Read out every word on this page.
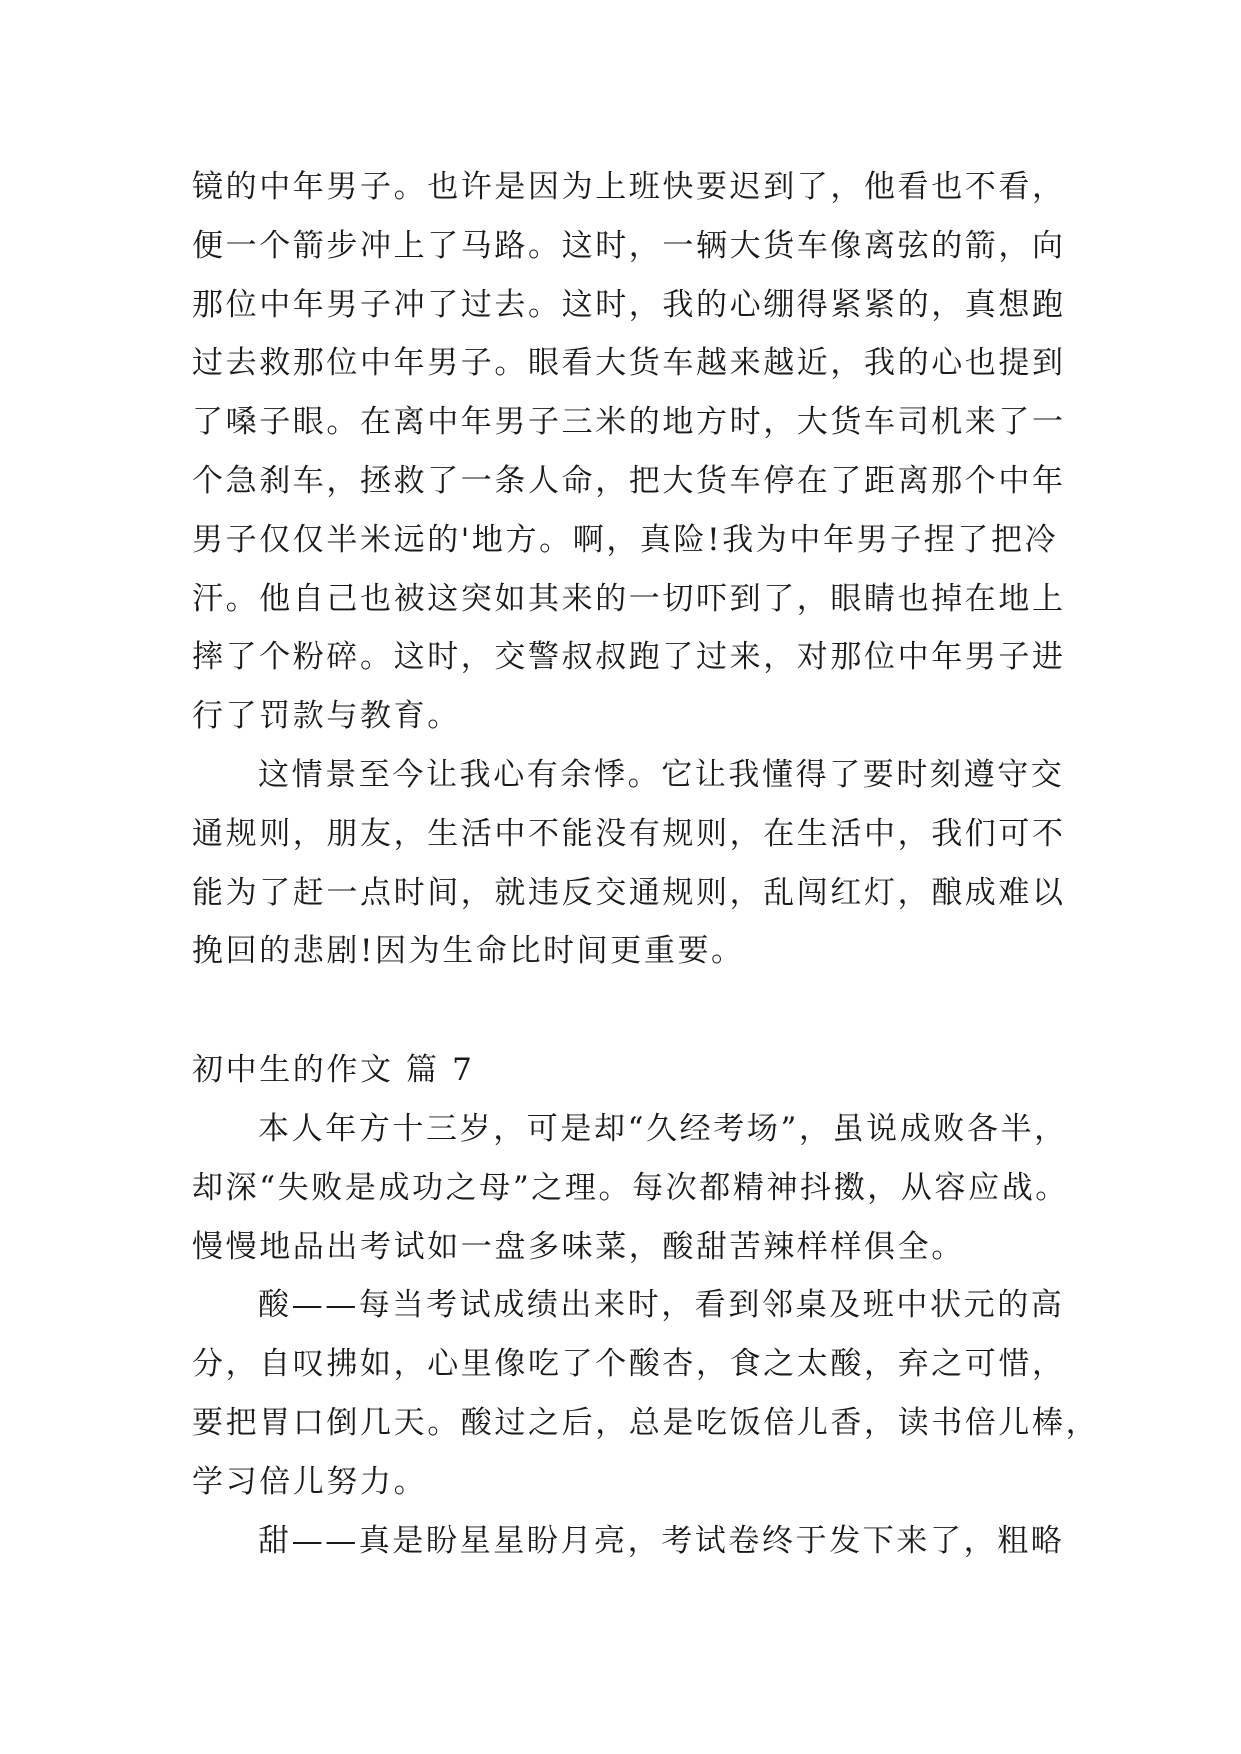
镜的中年男子。也许是因为上班快要迟到了，他看也不看，
便一个箭步冲上了马路。这时，一辆大货车像离弦的箭，向
那位中年男子冲了过去。这时，我的心绷得紧紧的，真想跑
过去救那位中年男子。眼看大货车越来越近，我的心也提到
了嗓子眼。在离中年男子三米的地方时，大货车司机来了一
个急刹车，拯救了一条人命，把大货车停在了距离那个中年
男子仅仅半米远的'地方。啊，真险!我为中年男子捏了把冷
汗。他自己也被这突如其来的一切吓到了，眼睛也掉在地上
摔了个粉碎。这时，交警叔叔跑了过来，对那位中年男子进
行了罚款与教育。
这情景至今让我心有余悸。它让我懂得了要时刻遵守交
通规则，朋友，生活中不能没有规则，在生活中，我们可不
能为了赶一点时间，就违反交通规则，乱闯红灯，酿成难以
挽回的悲剧!因为生命比时间更重要。
初中生的作文 篇 7
本人年方十三岁，可是却“久经考场”，虽说成败各半，
却深“失败是成功之母”之理。每次都精神抖擞，从容应战。
慢慢地品出考试如一盘多味菜，酸甜苦辣样样俱全。
酸——每当考试成绩出来时，看到邻桌及班中状元的高
分，自叹拂如，心里像吃了个酸杏，食之太酸，弃之可惜，
要把胃口倒几天。酸过之后，总是吃饭倍儿香，读书倍儿棒，
学习倍儿努力。
甜——真是盼星星盼月亮，考试卷终于发下来了，粗略
